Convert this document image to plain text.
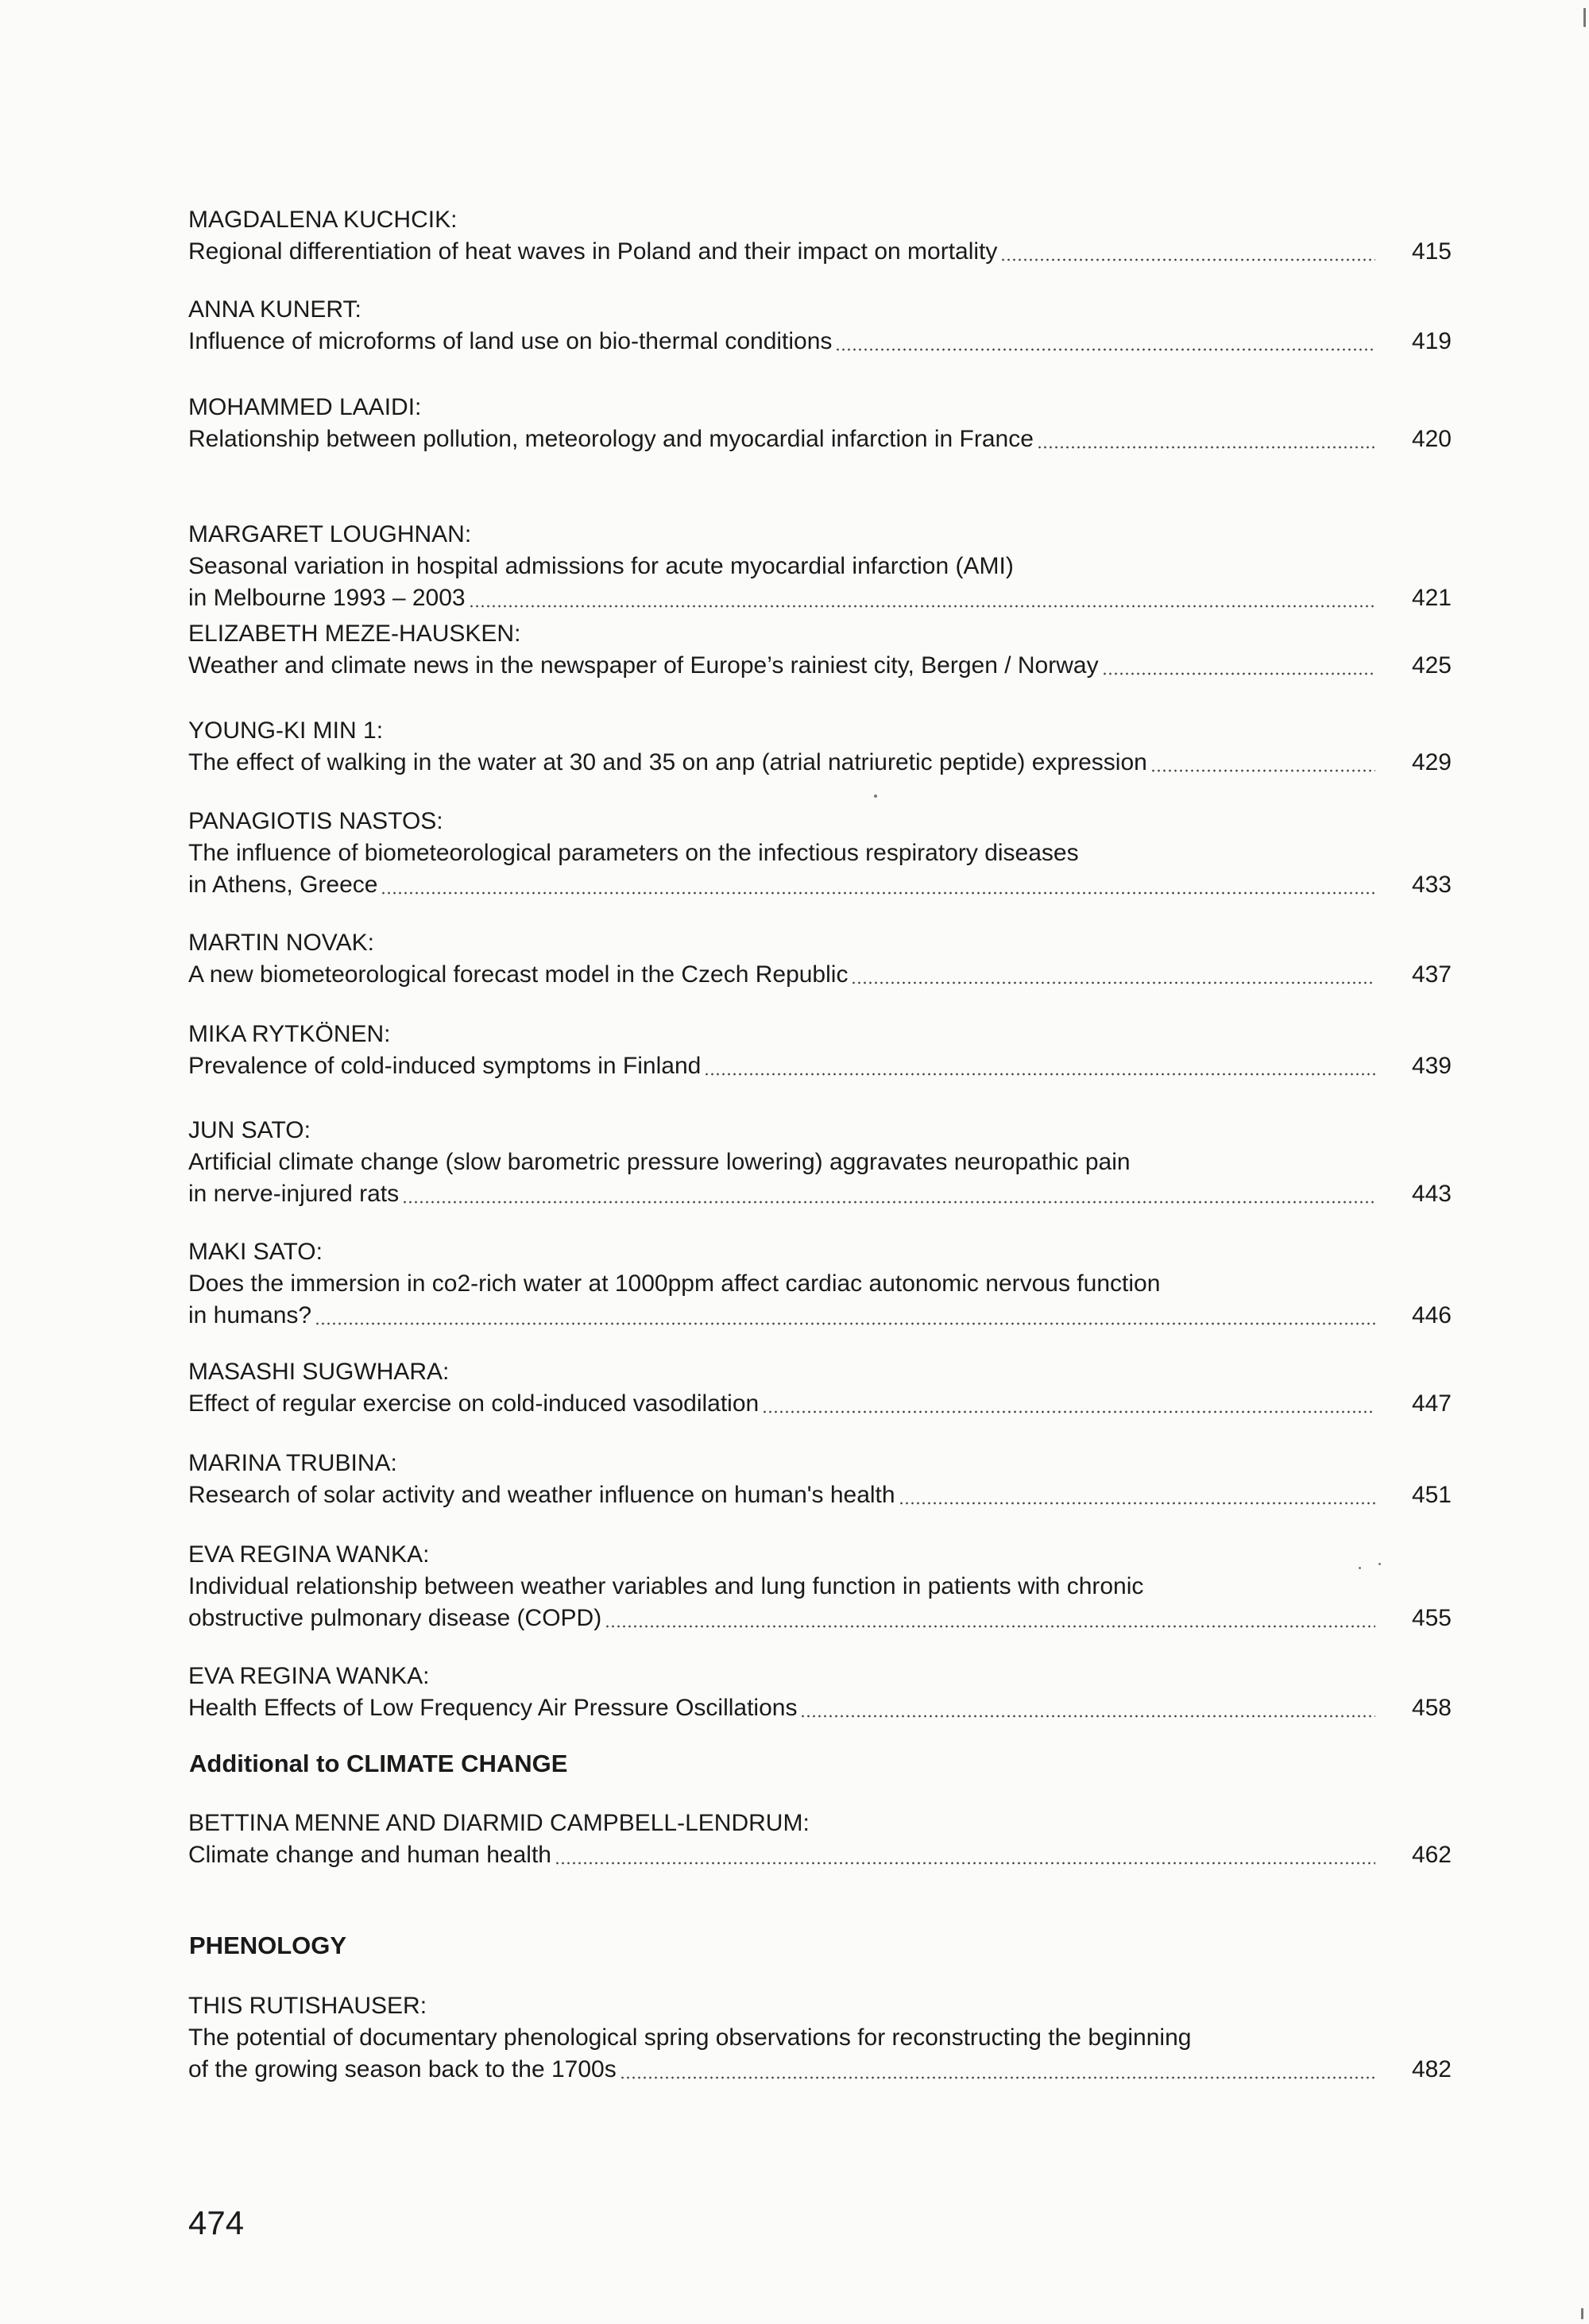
MAGDALENA KUCHCIK:
Regional differentiation of heat waves in Poland and their impact on mortality	415
ANNA KUNERT:
Influence of microforms of land use on bio-thermal conditions	419
MOHAMMED LAAIDI:
Relationship between pollution, meteorology and myocardial infarction in France	420
MARGARET LOUGHNAN:
Seasonal variation in hospital admissions for acute myocardial infarction (AMI)
in Melbourne 1993 – 2003	421
ELIZABETH MEZE-HAUSKEN:
Weather and climate news in the newspaper of Europe’s rainiest city, Bergen / Norway	425
YOUNG-KI MIN 1:
The effect of walking in the water at 30 and 35 on anp (atrial natriuretic peptide) expression	429
PANAGIOTIS NASTOS:
The influence of biometeorological parameters on the infectious respiratory diseases
in Athens, Greece	433
MARTIN NOVAK:
A new biometeorological forecast model in the Czech Republic	437
MIKA RYTKÖNEN:
Prevalence of cold-induced symptoms in Finland	439
JUN SATO:
Artificial climate change (slow barometric pressure lowering) aggravates neuropathic pain
in nerve-injured rats	443
MAKI SATO:
Does the immersion in co2-rich water at 1000ppm affect cardiac autonomic nervous function
in humans?	446
MASASHI SUGWHARA:
Effect of regular exercise on cold-induced vasodilation	447
MARINA TRUBINA:
Research of solar activity and weather influence on human's health	451
EVA REGINA WANKA:
Individual relationship between weather variables and lung function in patients with chronic
obstructive pulmonary disease (COPD)	455
EVA REGINA WANKA:
Health Effects of Low Frequency Air Pressure Oscillations	458
Additional to CLIMATE CHANGE
BETTINA MENNE AND DIARMID CAMPBELL-LENDRUM:
Climate change and human health	462
PHENOLOGY
THIS RUTISHAUSER:
The potential of documentary phenological spring observations for reconstructing the beginning
of the growing season back to the 1700s	482
474
